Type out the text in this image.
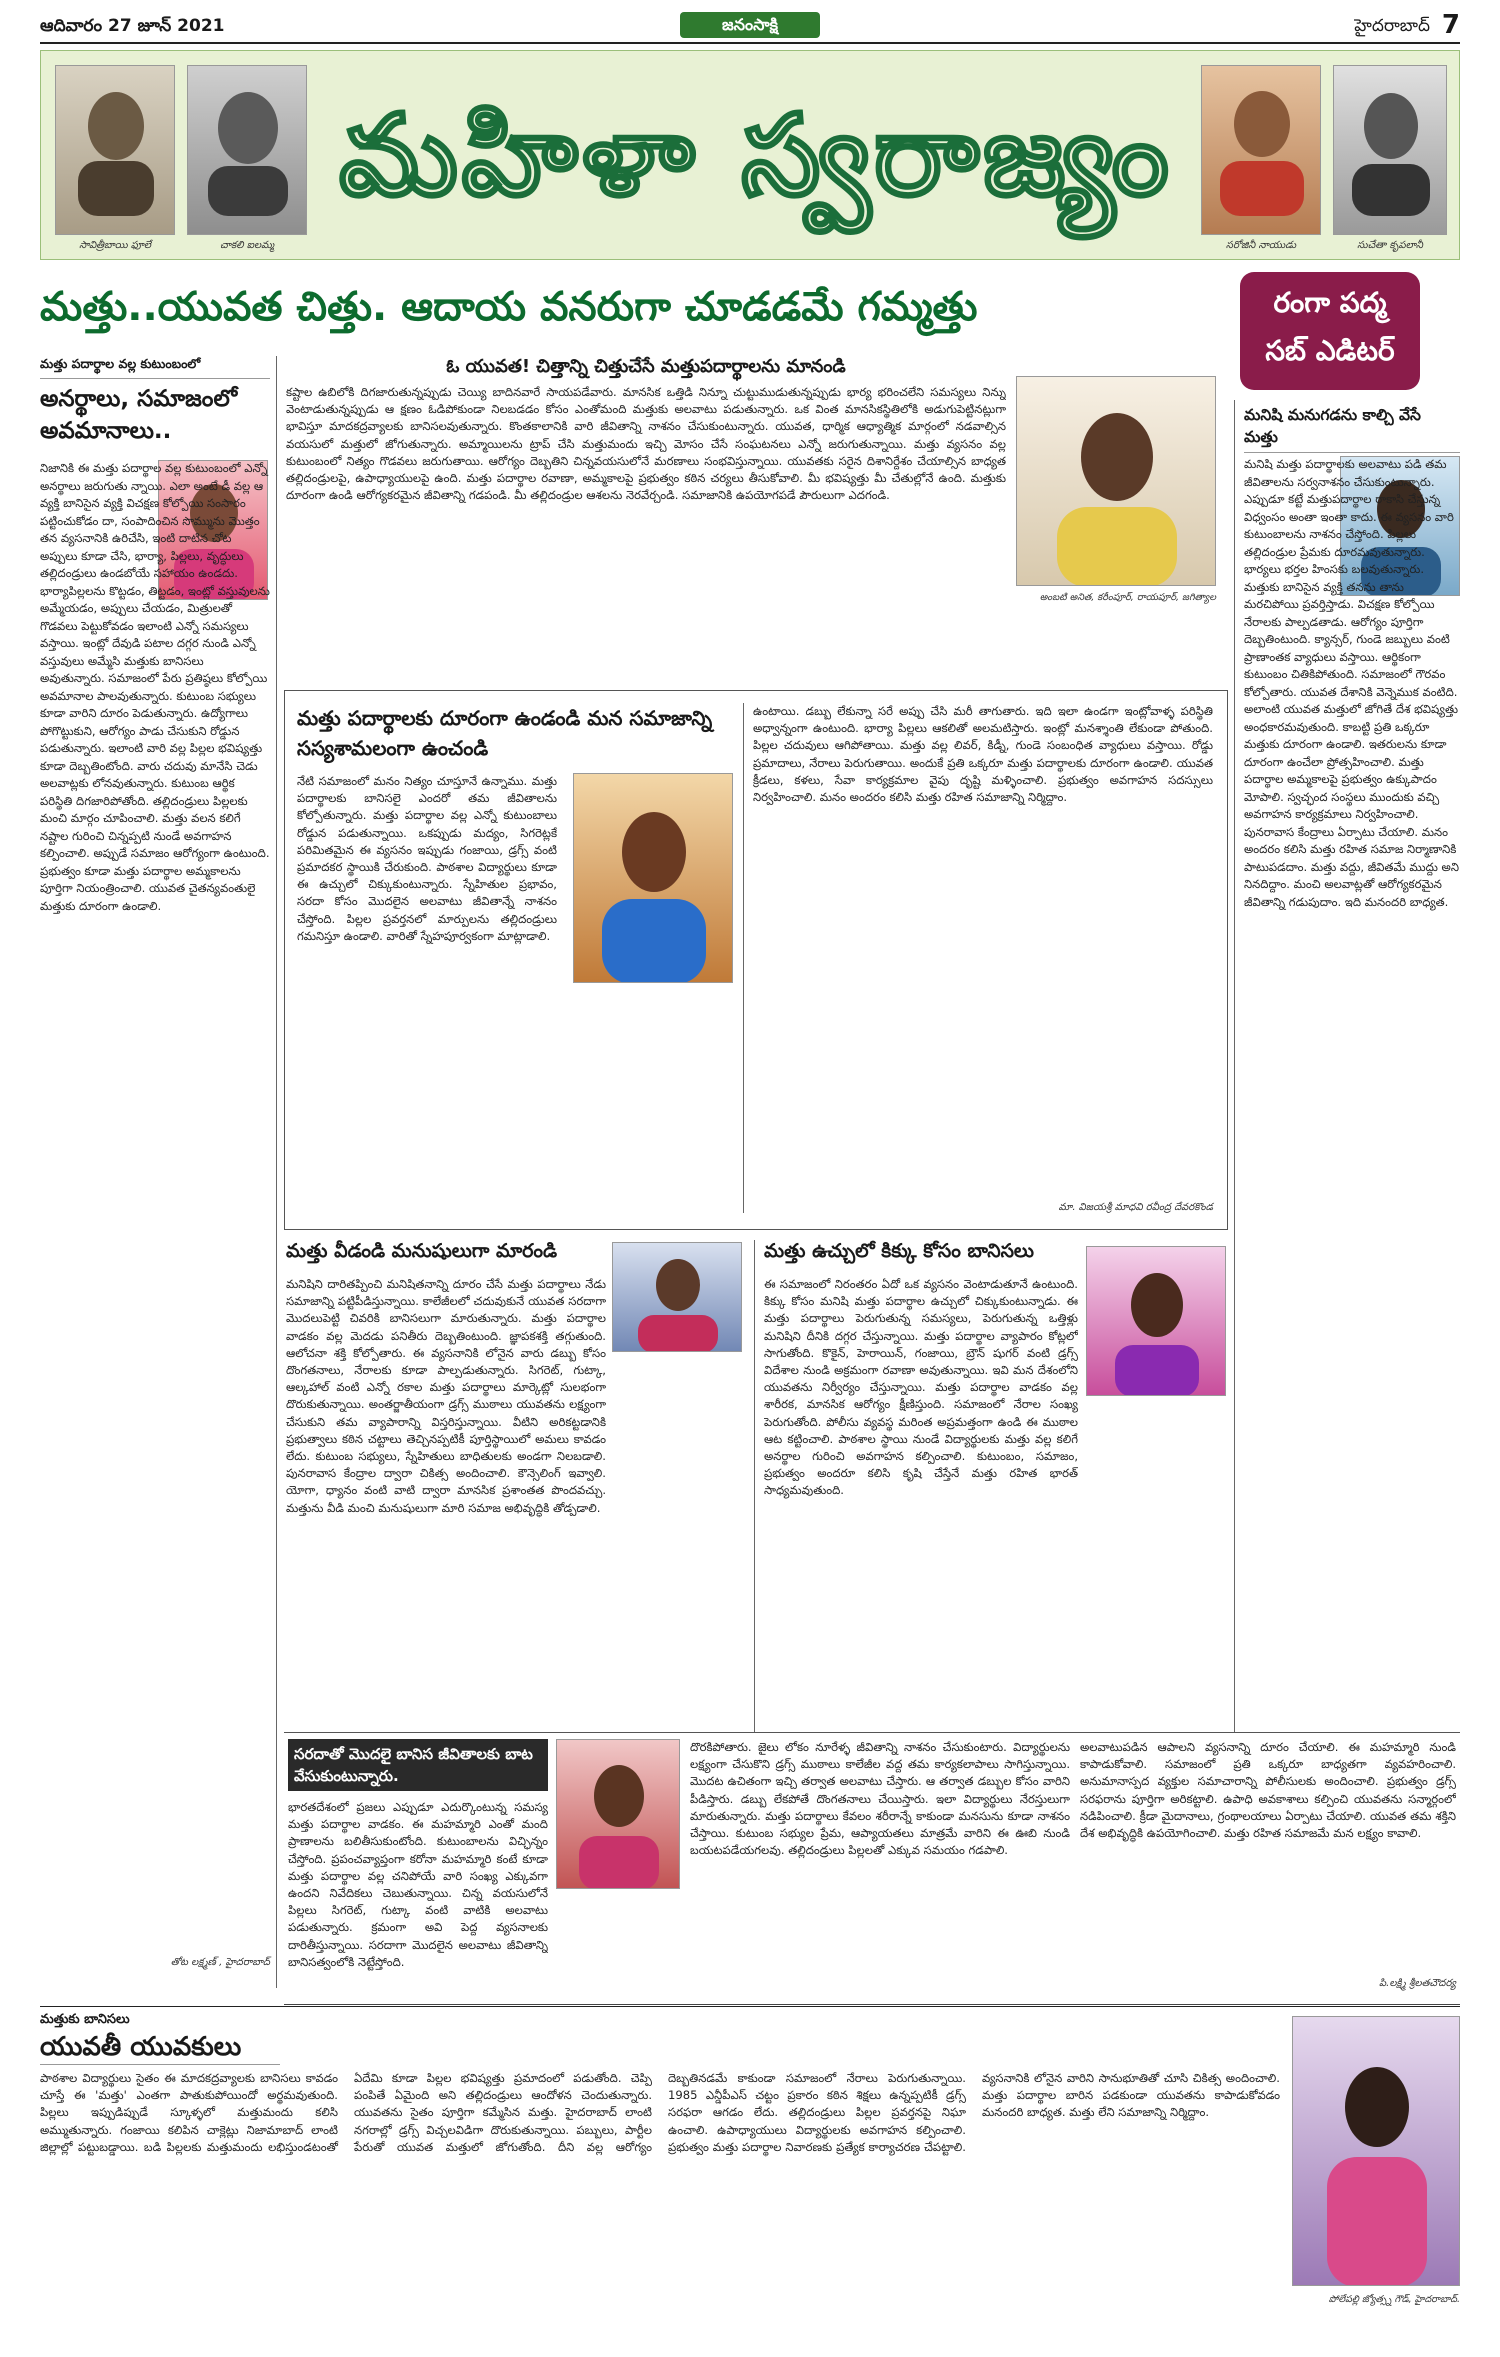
ఆదివారం 27 జూన్ 2021	జనంసాక్షి	హైదరాబాద్ 7
సావిత్రీబాయి ఫూలే	చాకలి ఐలమ్మ
మహిళా స్వరాజ్యం
సరోజినీ నాయుడు	సుచేతా కృపలానీ
మత్తు..యువత చిత్తు. ఆదాయ వనరుగా చూడడమే గమ్మత్తు	రంగా పద్మ
సబ్ ఎడిటర్
మత్తు పదార్థాల వల్ల కుటుంబంలో
అనర్థాలు, సమాజంలో అవమానాలు..
నిజానికి ఈ మత్తు పదార్థాల వల్ల కుటుంబంలో ఎన్నో అనర్థాలు జరుగుతు న్నాయి. ఎలా అంటే డీ వల్ల ఆ వ్యక్తి బానిసైన వ్యక్తి విచక్షణ కోల్పోయి సంసారం పట్టించుకోడం దా, సంపాదించిన సొమ్మును మొత్తం తన వ్యసనానికి ఉరిచేసి, ఇంటి దాటిన చోట అప్పులు కూడా చేసి, భార్యా, పిల్లలు, వృద్ధులు తల్లిదండ్రులు ఉండబోయే సహాయం ఉండదు. భార్యాపిల్లలను కొట్టడం, తిట్టడం, ఇంట్లో వస్తువులను అమ్మేయడం, అప్పులు చేయడం, మిత్రులతో గొడవలు పెట్టుకోవడం ఇలాంటి ఎన్నో సమస్యలు వస్తాయి. ఇంట్లో దేవుడి పటాల దగ్గర నుండి ఎన్నో వస్తువులు అమ్మేసి మత్తుకు బానిసలు అవుతున్నారు. సమాజంలో పేరు ప్రతిష్ఠలు కోల్పోయి అవమానాల పాలవుతున్నారు. కుటుంబ సభ్యులు కూడా వారిని దూరం పెడుతున్నారు. ఉద్యోగాలు పోగొట్టుకుని, ఆరోగ్యం పాడు చేసుకుని రోడ్డున పడుతున్నారు. ఇలాంటి వారి వల్ల పిల్లల భవిష్యత్తు కూడా దెబ్బతింటోంది. వారు చదువు మానేసి చెడు అలవాట్లకు లోనవుతున్నారు. కుటుంబ ఆర్థిక పరిస్థితి దిగజారిపోతోంది. తల్లిదండ్రులు పిల్లలకు మంచి మార్గం చూపించాలి. మత్తు వలన కలిగే నష్టాల గురించి చిన్నప్పటి నుండే అవగాహన కల్పించాలి. అప్పుడే సమాజం ఆరోగ్యంగా ఉంటుంది. ప్రభుత్వం కూడా మత్తు పదార్థాల అమ్మకాలను పూర్తిగా నియంత్రించాలి. యువత చైతన్యవంతులై మత్తుకు దూరంగా ఉండాలి.
తోట లక్ష్మణ్ , హైదరాబాద్
ఓ యువత! చిత్తాన్ని చిత్తుచేసే మత్తుపదార్థాలను మానండి
కష్టాల ఉబిలోకి దిగజారుతున్నప్పుడు చెయ్యి బాదినవారే సాయపడేవారు. మానసిక ఒత్తిడి నిన్నూ చుట్టుముడుతున్నప్పుడు భార్య భరించలేని సమస్యలు నిన్ను వెంటాడుతున్నప్పుడు ఆ క్షణం ఓడిపోకుండా నిలబడడం కోసం ఎంతోమంది మత్తుకు అలవాటు పడుతున్నారు. ఒక వింత మానసికస్థితిలోకి అడుగుపెట్టినట్లుగా భావిస్తూ మాదకద్రవ్యాలకు బానిసలవుతున్నారు. కొంతకాలానికి వారి జీవితాన్ని నాశనం చేసుకుంటున్నారు. యువత, ధార్మిక ఆధ్యాత్మిక మార్గంలో నడవాల్సిన వయసులో మత్తులో జోగుతున్నారు. అమ్మాయిలను ట్రాప్ చేసి మత్తుమందు ఇచ్చి మోసం చేసే సంఘటనలు ఎన్నో జరుగుతున్నాయి. మత్తు వ్యసనం వల్ల కుటుంబంలో నిత్యం గొడవలు జరుగుతాయి. ఆరోగ్యం దెబ్బతిని చిన్నవయసులోనే మరణాలు సంభవిస్తున్నాయి. యువతకు సరైన దిశానిర్దేశం చేయాల్సిన బాధ్యత తల్లిదండ్రులపై, ఉపాధ్యాయులపై ఉంది. మత్తు పదార్థాల రవాణా, అమ్మకాలపై ప్రభుత్వం కఠిన చర్యలు తీసుకోవాలి. మీ భవిష్యత్తు మీ చేతుల్లోనే ఉంది. మత్తుకు దూరంగా ఉండి ఆరోగ్యకరమైన జీవితాన్ని గడపండి. మీ తల్లిదండ్రుల ఆశలను నెరవేర్చండి. సమాజానికి ఉపయోగపడే పౌరులుగా ఎదగండి.
అంబటి అనిత, కరీంపూర్, రాయపూర్, జగిత్యాల
మత్తు పదార్థాలకు దూరంగా ఉండండి మన సమాజాన్ని సస్యశామలంగా ఉంచండి
నేటి సమాజంలో మనం నిత్యం చూస్తూనే ఉన్నాము. మత్తు పదార్థాలకు బానిసలై ఎందరో తమ జీవితాలను కోల్పోతున్నారు. మత్తు పదార్థాల వల్ల ఎన్నో కుటుంబాలు రోడ్డున పడుతున్నాయి. ఒకప్పుడు మద్యం, సిగరెట్లకే పరిమితమైన ఈ వ్యసనం ఇప్పుడు గంజాయి, డ్రగ్స్ వంటి ప్రమాదకర స్థాయికి చేరుకుంది. పాఠశాల విద్యార్థులు కూడా ఈ ఉచ్చులో చిక్కుకుంటున్నారు. స్నేహితుల ప్రభావం, సరదా కోసం మొదలైన అలవాటు జీవితాన్నే నాశనం చేస్తోంది. పిల్లల ప్రవర్తనలో మార్పులను తల్లిదండ్రులు గమనిస్తూ ఉండాలి. వారితో స్నేహపూర్వకంగా మాట్లాడాలి.
ఉంటాయి. డబ్బు లేకున్నా సరే అప్పు చేసి మరీ తాగుతారు. ఇది ఇలా ఉండగా ఇంట్లోవాళ్ళ పరిస్థితి అధ్వాన్నంగా ఉంటుంది. భార్యా పిల్లలు ఆకలితో అలమటిస్తారు. ఇంట్లో మనశ్శాంతి లేకుండా పోతుంది. పిల్లల చదువులు ఆగిపోతాయి. మత్తు వల్ల లివర్, కిడ్నీ, గుండె సంబంధిత వ్యాధులు వస్తాయి. రోడ్డు ప్రమాదాలు, నేరాలు పెరుగుతాయి. అందుకే ప్రతి ఒక్కరూ మత్తు పదార్థాలకు దూరంగా ఉండాలి. యువత క్రీడలు, కళలు, సేవా కార్యక్రమాల వైపు దృష్టి మళ్ళించాలి. ప్రభుత్వం అవగాహన సదస్సులు నిర్వహించాలి. మనం అందరం కలిసి మత్తు రహిత సమాజాన్ని నిర్మిద్దాం.
మా. విజయశ్రీ మాధవి రవీంద్ర దేవరకొండ
మత్తు వీడండి మనుషులుగా మారండి
మనిషిని దారితప్పించి మనిషితనాన్ని దూరం చేసే మత్తు పదార్థాలు నేడు సమాజాన్ని పట్టిపీడిస్తున్నాయి. కాలేజీలలో చదువుకునే యువత సరదాగా మొదలుపెట్టి చివరికి బానిసలుగా మారుతున్నారు. మత్తు పదార్థాల వాడకం వల్ల మెదడు పనితీరు దెబ్బతింటుంది. జ్ఞాపకశక్తి తగ్గుతుంది. ఆలోచనా శక్తి కోల్పోతారు. ఈ వ్యసనానికి లోనైన వారు డబ్బు కోసం దొంగతనాలు, నేరాలకు కూడా పాల్పడుతున్నారు. సిగరెట్, గుట్కా, ఆల్కహాల్ వంటి ఎన్నో రకాల మత్తు పదార్థాలు మార్కెట్లో సులభంగా దొరుకుతున్నాయి. అంతర్జాతీయంగా డ్రగ్స్ ముఠాలు యువతను లక్ష్యంగా చేసుకుని తమ వ్యాపారాన్ని విస్తరిస్తున్నాయి. వీటిని అరికట్టడానికి ప్రభుత్వాలు కఠిన చట్టాలు తెచ్చినప్పటికీ పూర్తిస్థాయిలో అమలు కావడం లేదు. కుటుంబ సభ్యులు, స్నేహితులు బాధితులకు అండగా నిలబడాలి. పునరావాస కేంద్రాల ద్వారా చికిత్స అందించాలి. కౌన్సెలింగ్ ఇవ్వాలి. యోగా, ధ్యానం వంటి వాటి ద్వారా మానసిక ప్రశాంతత పొందవచ్చు. మత్తును వీడి మంచి మనుషులుగా మారి సమాజ అభివృద్ధికి తోడ్పడాలి.
మత్తు ఉచ్చులో కిక్కు కోసం బానిసలు
ఈ సమాజంలో నిరంతరం ఏదో ఒక వ్యసనం వెంటాడుతూనే ఉంటుంది. కిక్కు కోసం మనిషి మత్తు పదార్థాల ఉచ్చులో చిక్కుకుంటున్నాడు. ఈ మత్తు పదార్థాలు పెరుగుతున్న సమస్యలు, పెరుగుతున్న ఒత్తిళ్లు మనిషిని దీనికి దగ్గర చేస్తున్నాయి. మత్తు పదార్థాల వ్యాపారం కోట్లలో సాగుతోంది. కొకైన్, హెరాయిన్, గంజాయి, బ్రౌన్ షుగర్ వంటి డ్రగ్స్ విదేశాల నుండి అక్రమంగా రవాణా అవుతున్నాయి. ఇవి మన దేశంలోని యువతను నిర్వీర్యం చేస్తున్నాయి. మత్తు పదార్థాల వాడకం వల్ల శారీరక, మానసిక ఆరోగ్యం క్షీణిస్తుంది. సమాజంలో నేరాల సంఖ్య పెరుగుతోంది. పోలీసు వ్యవస్థ మరింత అప్రమత్తంగా ఉండి ఈ ముఠాల ఆట కట్టించాలి. పాఠశాల స్థాయి నుండే విద్యార్థులకు మత్తు వల్ల కలిగే అనర్థాల గురించి అవగాహన కల్పించాలి. కుటుంబం, సమాజం, ప్రభుత్వం అందరూ కలిసి కృషి చేస్తేనే మత్తు రహిత భారత్ సాధ్యమవుతుంది.
మనిషి మనుగడను కాల్చి వేసే మత్తు
మనిషి మత్తు పదార్థాలకు అలవాటు పడి తమ జీవితాలను సర్వనాశనం చేసుకుంటున్నారు. ఎప్పుడూ కట్టే మత్తుపదార్థాల రాకాసి చేస్తున్న విధ్వంసం అంతా ఇంతా కాదు. ఈ వ్యసనం వారి కుటుంబాలను నాశనం చేస్తోంది. పిల్లలు తల్లిదండ్రుల ప్రేమకు దూరమవుతున్నారు. భార్యలు భర్తల హింసకు బలవుతున్నారు. మత్తుకు బానిసైన వ్యక్తి తనను తాను మరచిపోయి ప్రవర్తిస్తాడు. విచక్షణ కోల్పోయి నేరాలకు పాల్పడతాడు. ఆరోగ్యం పూర్తిగా దెబ్బతింటుంది. క్యాన్సర్, గుండె జబ్బులు వంటి ప్రాణాంతక వ్యాధులు వస్తాయి. ఆర్థికంగా కుటుంబం చితికిపోతుంది. సమాజంలో గౌరవం కోల్పోతారు. యువత దేశానికి వెన్నెముక వంటిది. అలాంటి యువత మత్తులో జోగితే దేశ భవిష్యత్తు అంధకారమవుతుంది. కాబట్టి ప్రతి ఒక్కరూ మత్తుకు దూరంగా ఉండాలి. ఇతరులను కూడా దూరంగా ఉంచేలా ప్రోత్సహించాలి. మత్తు పదార్థాల అమ్మకాలపై ప్రభుత్వం ఉక్కుపాదం మోపాలి. స్వచ్ఛంద సంస్థలు ముందుకు వచ్చి అవగాహన కార్యక్రమాలు నిర్వహించాలి. పునరావాస కేంద్రాలు ఏర్పాటు చేయాలి. మనం అందరం కలిసి మత్తు రహిత సమాజ నిర్మాణానికి పాటుపడదాం. మత్తు వద్దు, జీవితమే ముద్దు అని నినదిద్దాం. మంచి అలవాట్లతో ఆరోగ్యకరమైన జీవితాన్ని గడుపుదాం. ఇది మనందరి బాధ్యత.
సరదాతో మొదలై బానిస జీవితాలకు బాట వేసుకుంటున్నారు.
భారతదేశంలో ప్రజలు ఎప్పుడూ ఎదుర్కొంటున్న సమస్య మత్తు పదార్థాల వాడకం. ఈ మహమ్మారి ఎంతో మంది ప్రాణాలను బలితీసుకుంటోంది. కుటుంబాలను విచ్ఛిన్నం చేస్తోంది. ప్రపంచవ్యాప్తంగా కరోనా మహమ్మారి కంటే కూడా మత్తు పదార్థాల వల్ల చనిపోయే వారి సంఖ్య ఎక్కువగా ఉందని నివేదికలు చెబుతున్నాయి. చిన్న వయసులోనే పిల్లలు సిగరెట్, గుట్కా వంటి వాటికి అలవాటు పడుతున్నారు. క్రమంగా అవి పెద్ద వ్యసనాలకు దారితీస్తున్నాయి. సరదాగా మొదలైన అలవాటు జీవితాన్ని బానిసత్వంలోకి నెట్టేస్తోంది.
దొరకిపోతారు. జైలు లోకం నూరేళ్ళ జీవితాన్ని నాశనం చేసుకుంటారు. విద్యార్థులను లక్ష్యంగా చేసుకొని డ్రగ్స్ ముఠాలు కాలేజీల వద్ద తమ కార్యకలాపాలు సాగిస్తున్నాయి. మొదట ఉచితంగా ఇచ్చి తర్వాత అలవాటు చేస్తారు. ఆ తర్వాత డబ్బుల కోసం వారిని పీడిస్తారు. డబ్బు లేకపోతే దొంగతనాలు చేయిస్తారు. ఇలా విద్యార్థులు నేరస్తులుగా మారుతున్నారు. మత్తు పదార్థాలు కేవలం శరీరాన్నే కాకుండా మనసును కూడా నాశనం చేస్తాయి. కుటుంబ సభ్యుల ప్రేమ, ఆప్యాయతలు మాత్రమే వారిని ఈ ఊబి నుండి బయటపడేయగలవు. తల్లిదండ్రులు పిల్లలతో ఎక్కువ సమయం గడపాలి.
అలవాటుపడిన ఆపాలని వ్యసనాన్ని దూరం చేయాలి. ఈ మహమ్మారి నుండి కాపాడుకోవాలి. సమాజంలో ప్రతి ఒక్కరూ బాధ్యతగా వ్యవహరించాలి. అనుమానాస్పద వ్యక్తుల సమాచారాన్ని పోలీసులకు అందించాలి. ప్రభుత్వం డ్రగ్స్ సరఫరాను పూర్తిగా అరికట్టాలి. ఉపాధి అవకాశాలు కల్పించి యువతను సన్మార్గంలో నడిపించాలి. క్రీడా మైదానాలు, గ్రంథాలయాలు ఏర్పాటు చేయాలి. యువత తమ శక్తిని దేశ అభివృద్ధికి ఉపయోగించాలి. మత్తు రహిత సమాజమే మన లక్ష్యం కావాలి.
పి.లక్ష్మి శ్రీలతచౌదర్య
మత్తుకు బానిసలు
యువతీ యువకులు
పాఠశాల విద్యార్థులు సైతం ఈ మాదకద్రవ్యాలకు బానిసలు కావడం చూస్తే ఈ 'మత్తు' ఎంతగా పాతుకుపోయిందో అర్థమవుతుంది. పిల్లలు ఇప్పుడిప్పుడే స్కూళ్ళలో మత్తుమందు కలిసి అమ్ముతున్నారు. గంజాయి కలిపిన చాక్లెట్లు నిజామాబాద్ లాంటి జిల్లాల్లో పట్టుబడ్డాయి. బడి పిల్లలకు మత్తుమందు లభిస్తుండటంతో ఏదేమి కూడా పిల్లల భవిష్యత్తు ప్రమాదంలో పడుతోంది. చెప్పి పంపితే ఏమైంది అని తల్లిదండ్రులు ఆందోళన చెందుతున్నారు. యువతను సైతం పూర్తిగా కమ్మేసిన మత్తు. హైదరాబాద్ లాంటి నగరాల్లో డ్రగ్స్ విచ్చలవిడిగా దొరుకుతున్నాయి. పబ్బులు, పార్టీల పేరుతో యువత మత్తులో జోగుతోంది. దీని వల్ల ఆరోగ్యం దెబ్బతినడమే కాకుండా సమాజంలో నేరాలు పెరుగుతున్నాయి. 1985 ఎన్డీపీఎస్ చట్టం ప్రకారం కఠిన శిక్షలు ఉన్నప్పటికీ డ్రగ్స్ సరఫరా ఆగడం లేదు. తల్లిదండ్రులు పిల్లల ప్రవర్తనపై నిఘా ఉంచాలి. ఉపాధ్యాయులు విద్యార్థులకు అవగాహన కల్పించాలి. ప్రభుత్వం మత్తు పదార్థాల నివారణకు ప్రత్యేక కార్యాచరణ చేపట్టాలి. వ్యసనానికి లోనైన వారిని సానుభూతితో చూసి చికిత్స అందించాలి. మత్తు పదార్థాల బారిన పడకుండా యువతను కాపాడుకోవడం మనందరి బాధ్యత. మత్తు లేని సమాజాన్ని నిర్మిద్దాం.
పోలేపల్లి జ్యోత్స్న గౌడ్, హైదరాబాద్.
